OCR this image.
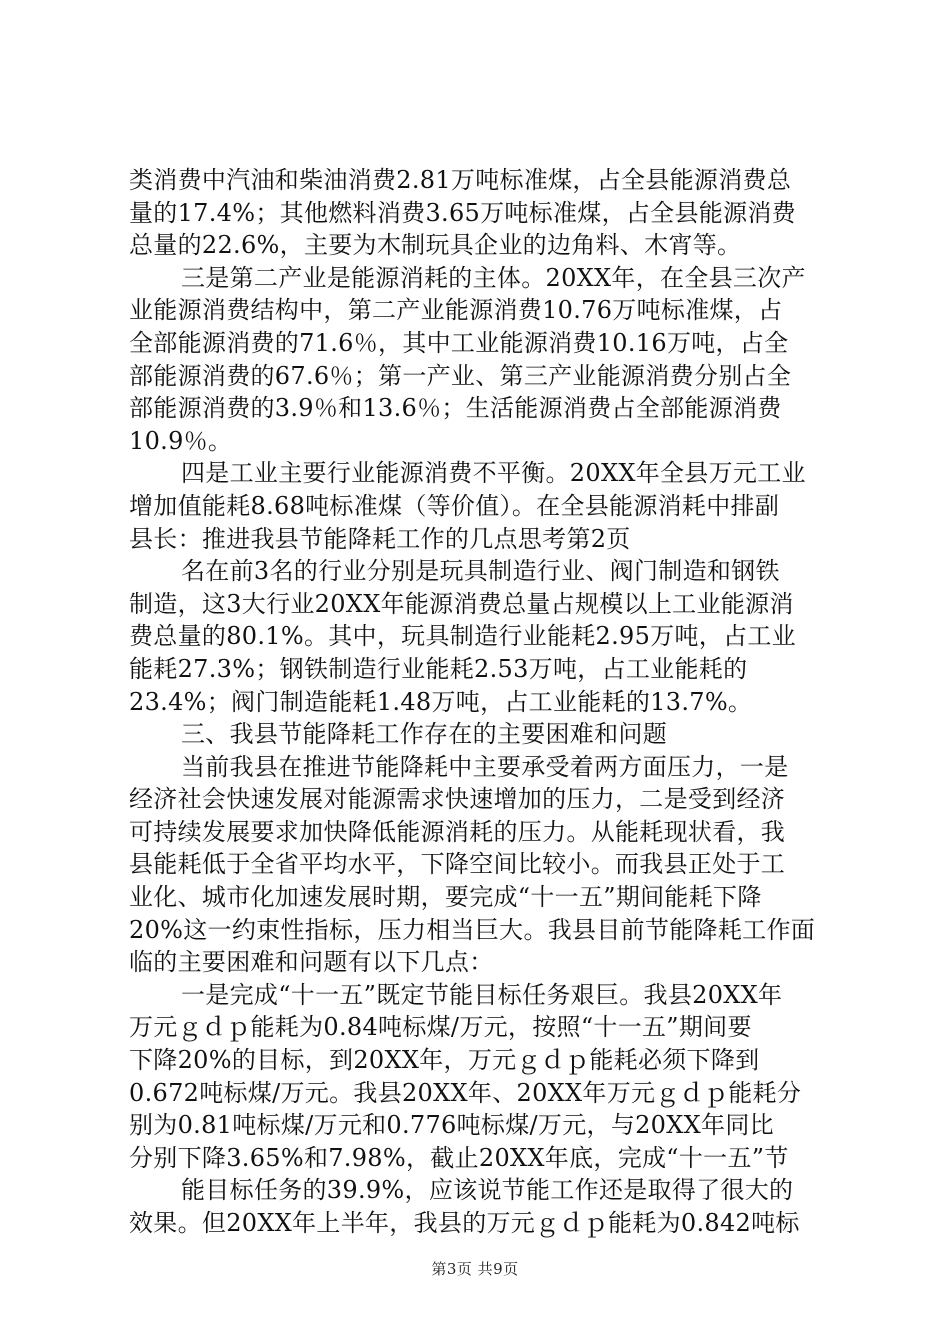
类消费中汽油和柴油消费2.81万吨标准煤，占全县能源消费总
量的17.4%；其他燃料消费3.65万吨标准煤，占全县能源消费
总量的22.6%，主要为木制玩具企业的边角料、木宵等。
三是第二产业是能源消耗的主体。20XX年，在全县三次产
业能源消费结构中，第二产业能源消费10.76万吨标准煤，占
全部能源消费的71.6％，其中工业能源消费10.16万吨，占全
部能源消费的67.6％；第一产业、第三产业能源消费分别占全
部能源消费的3.9％和13.6％；生活能源消费占全部能源消费
10.9％。
四是工业主要行业能源消费不平衡。20XX年全县万元工业
增加值能耗8.68吨标准煤（等价值）。在全县能源消耗中排副
县长：推进我县节能降耗工作的几点思考第2页
名在前3名的行业分别是玩具制造行业、阀门制造和钢铁
制造，这3大行业20XX年能源消费总量占规模以上工业能源消
费总量的80.1%。其中，玩具制造行业能耗2.95万吨，占工业
能耗27.3%；钢铁制造行业能耗2.53万吨，占工业能耗的
23.4%；阀门制造能耗1.48万吨，占工业能耗的13.7%。
三、我县节能降耗工作存在的主要困难和问题
当前我县在推进节能降耗中主要承受着两方面压力，一是
经济社会快速发展对能源需求快速增加的压力，二是受到经济
可持续发展要求加快降低能源消耗的压力。从能耗现状看，我
县能耗低于全省平均水平，下降空间比较小。而我县正处于工
业化、城市化加速发展时期，要完成“十一五”期间能耗下降
20%这一约束性指标，压力相当巨大。我县目前节能降耗工作面
临的主要困难和问题有以下几点：
一是完成“十一五”既定节能目标任务艰巨。我县20XX年
万元ｇｄｐ能耗为0.84吨标煤/万元，按照“十一五”期间要
下降20%的目标，到20XX年，万元ｇｄｐ能耗必须下降到
0.672吨标煤/万元。我县20XX年、20XX年万元ｇｄｐ能耗分
别为0.81吨标煤/万元和0.776吨标煤/万元，与20XX年同比
分别下降3.65%和7.98%，截止20XX年底，完成“十一五”节
能目标任务的39.9%，应该说节能工作还是取得了很大的
效果。但20XX年上半年，我县的万元ｇｄｐ能耗为0.842吨标
第3页 共9页
